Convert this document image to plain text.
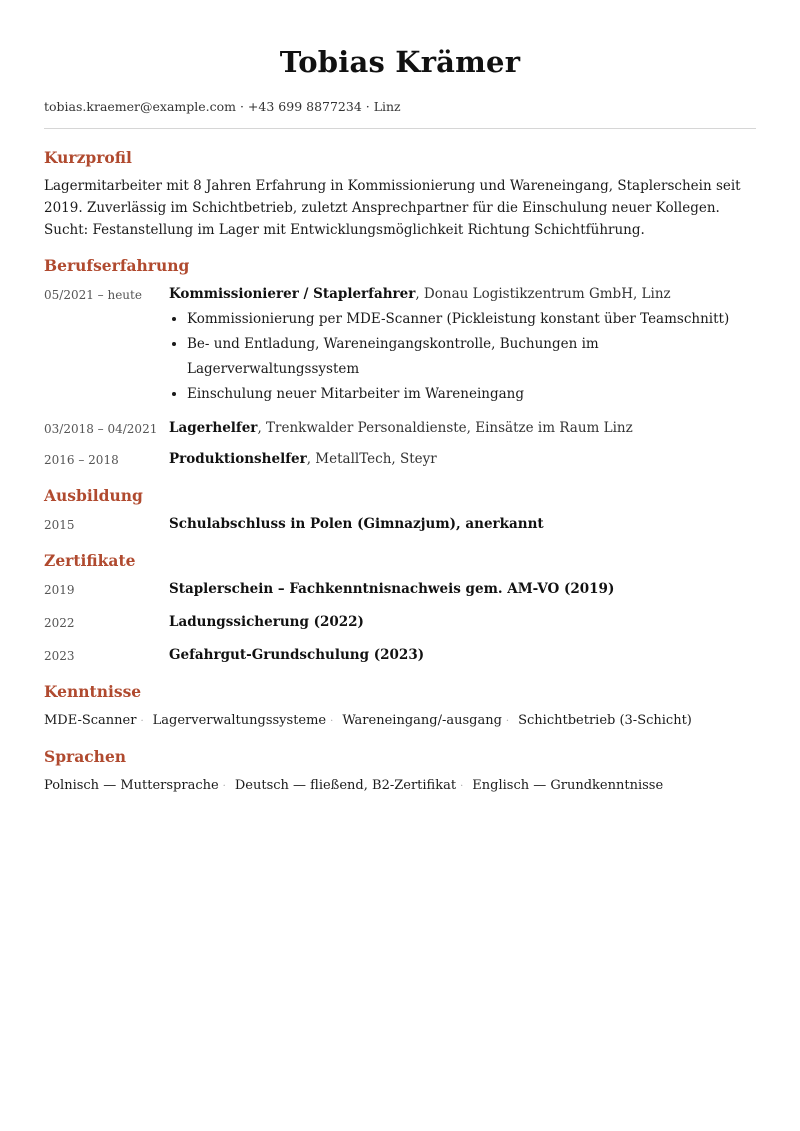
Tobias Krämer
tobias.kraemer@example.com · +43 699 8877234 · Linz
Kurzprofil
Lagermitarbeiter mit 8 Jahren Erfahrung in Kommissionierung und Wareneingang, Staplerschein seit 2019. Zuverlässig im Schichtbetrieb, zuletzt Ansprechpartner für die Einschulung neuer Kollegen. Sucht: Festanstellung im Lager mit Entwicklungsmöglichkeit Richtung Schichtführung.
Berufserfahrung
05/2021 – heute	Kommissionierer / Staplerfahrer, Donau Logistikzentrum GmbH, Linz
• Kommissionierung per MDE-Scanner (Pickleistung konstant über Teamschnitt)
• Be- und Entladung, Wareneingangskontrolle, Buchungen im Lagerverwaltungssystem
• Einschulung neuer Mitarbeiter im Wareneingang
03/2018 – 04/2021 Lagerhelfer, Trenkwalder Personaldienste, Einsätze im Raum Linz
2016 – 2018	Produktionshelfer, MetallTech, Steyr
Ausbildung
2015	Schulabschluss in Polen (Gimnazjum), anerkannt
Zertifikate
2019	Staplerschein – Fachkenntnisnachweis gem. AM-VO (2019)
2022	Ladungssicherung (2022)
2023	Gefahrgut-Grundschulung (2023)
Kenntnisse
MDE-Scanner · Lagerverwaltungssysteme · Wareneingang/-ausgang · Schichtbetrieb (3-Schicht)
Sprachen
Polnisch — Muttersprache · Deutsch — fließend, B2-Zertifikat · Englisch — Grundkenntnisse
